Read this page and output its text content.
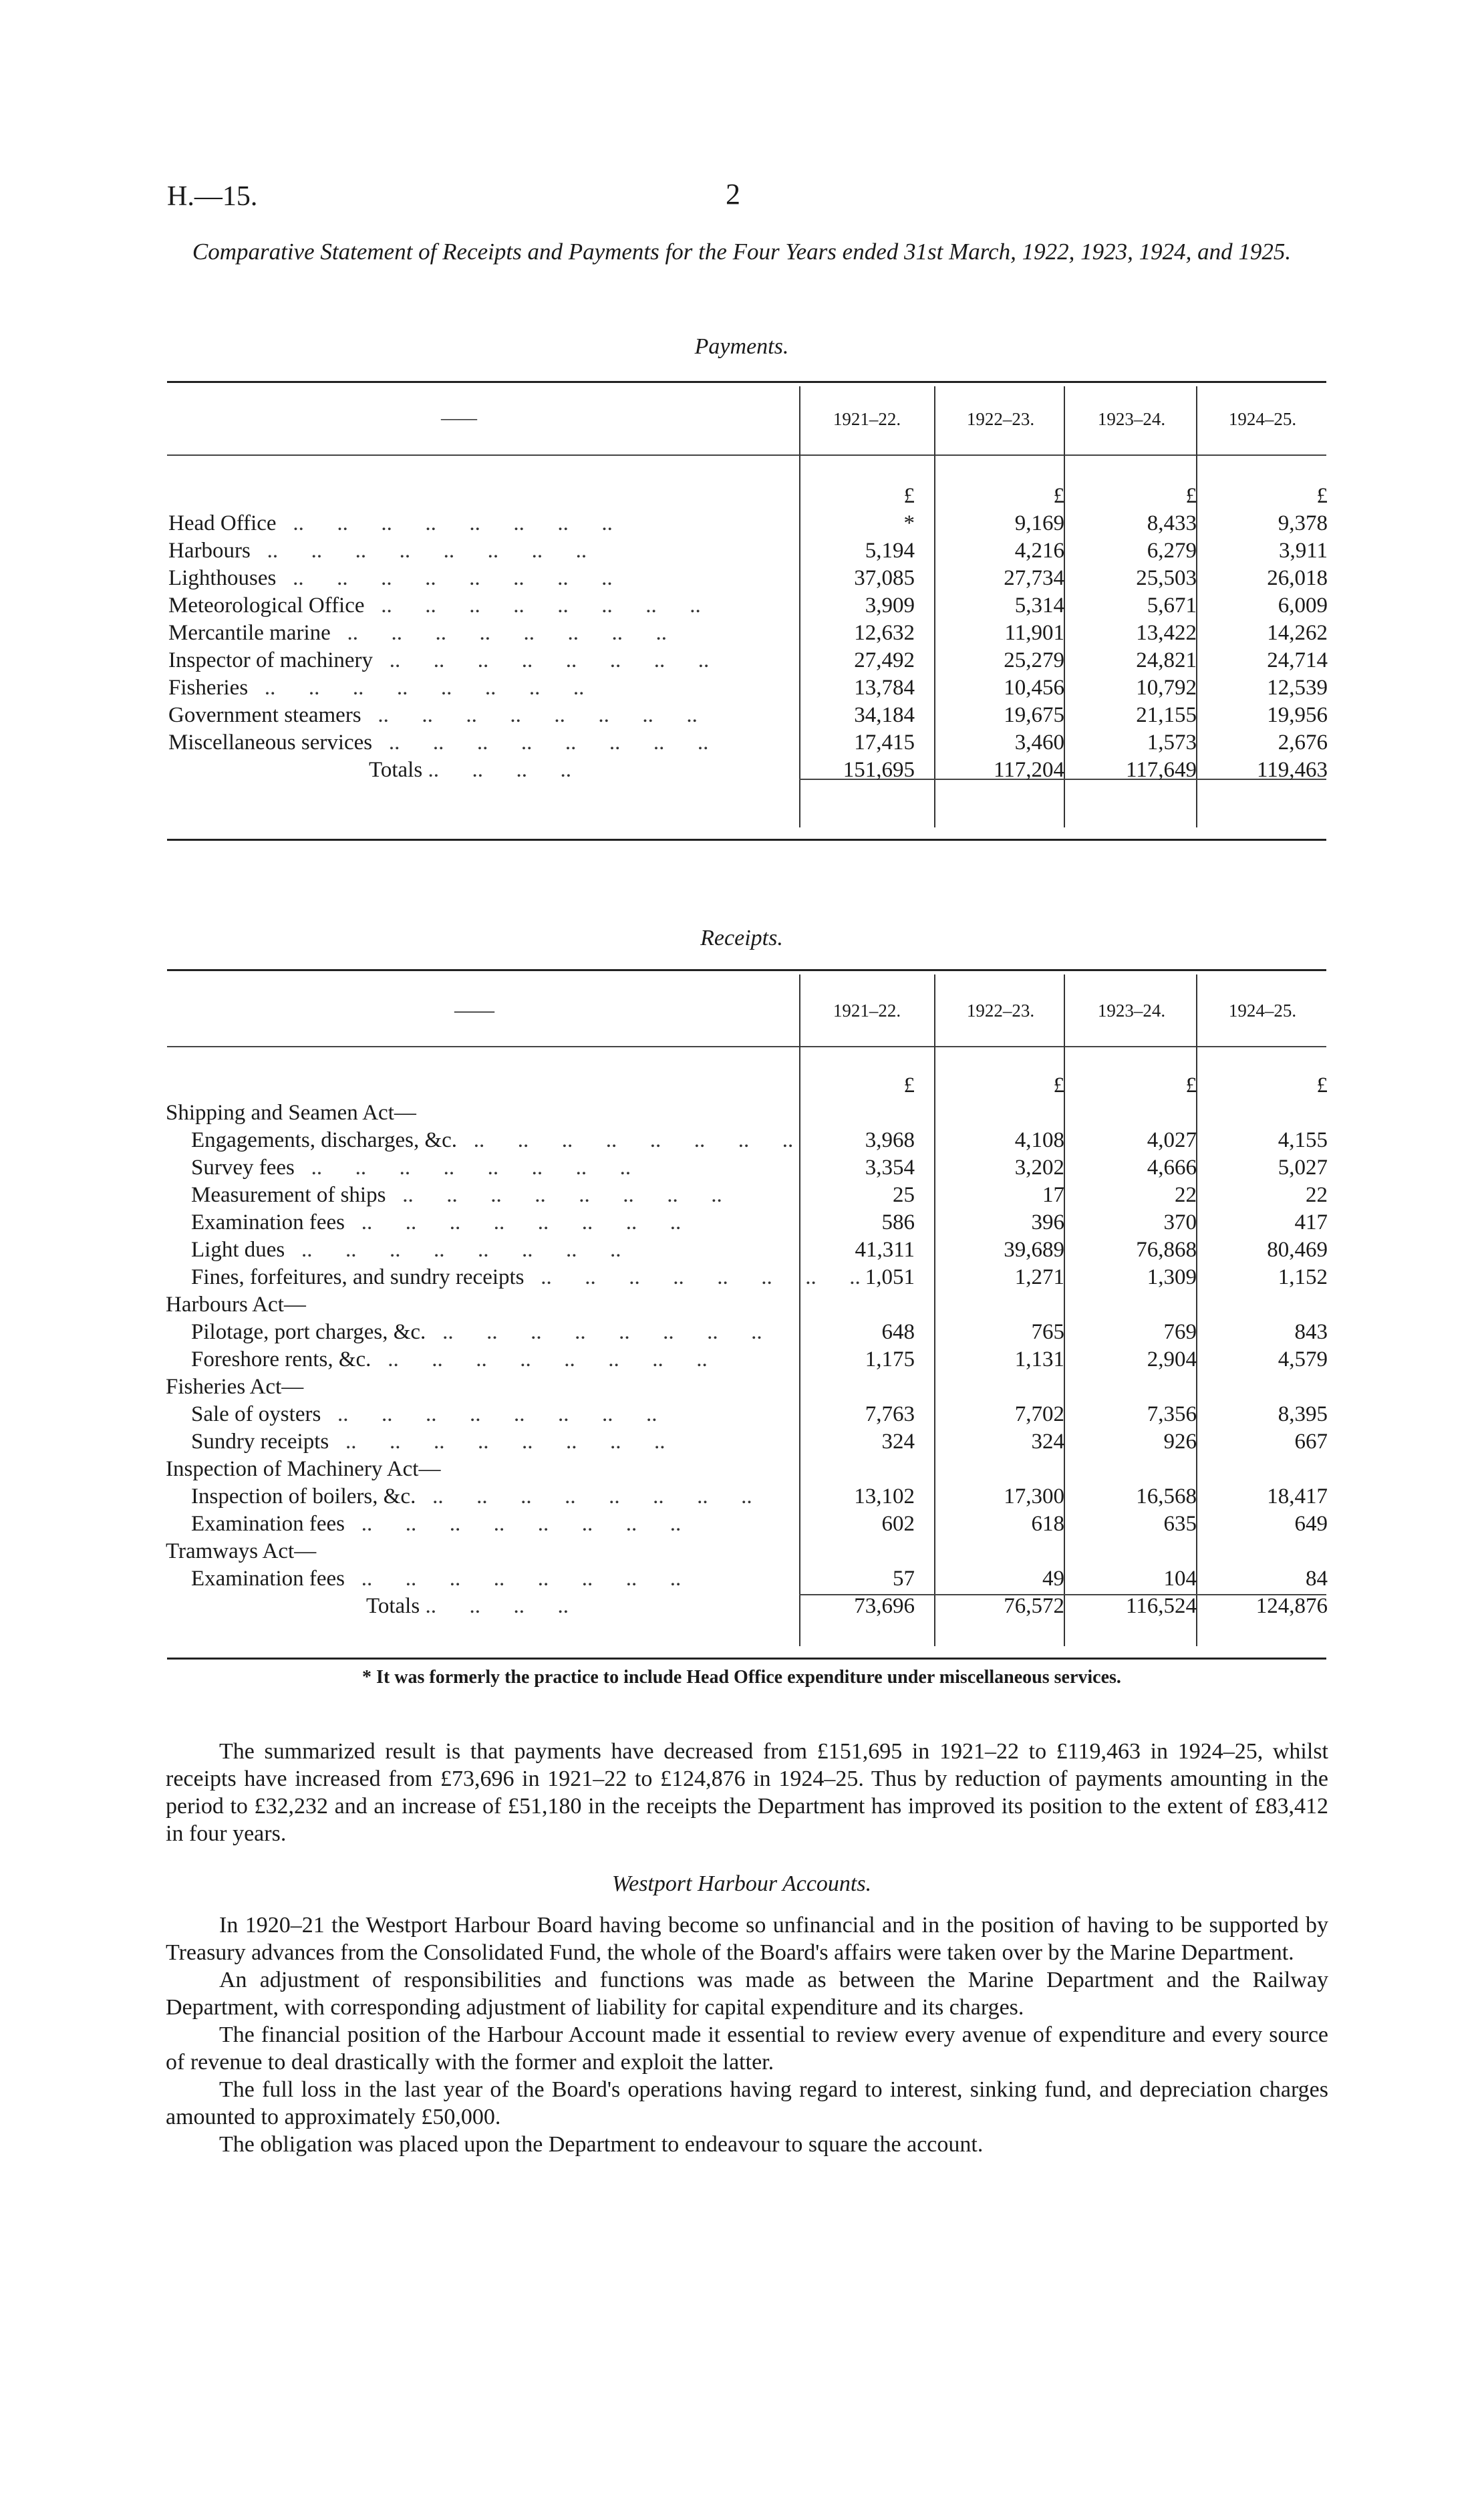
H.—15.	2
Comparative Statement of Receipts and Payments for the Four Years ended 31st March, 1922, 1923, 1924, and 1925.
Payments.
——	1921–22.	1922–23.	1923–24.	1924–25.
	£	£	£	£
Head Office   ..      ..      ..      ..      ..      ..      ..      ..	*	9,169	8,433	9,378
Harbours   ..      ..      ..      ..      ..      ..      ..      ..	5,194	4,216	6,279	3,911
Lighthouses   ..      ..      ..      ..      ..      ..      ..      ..	37,085	27,734	25,503	26,018
Meteorological Office   ..      ..      ..      ..      ..      ..      ..      ..	3,909	5,314	5,671	6,009
Mercantile marine   ..      ..      ..      ..      ..      ..      ..      ..	12,632	11,901	13,422	14,262
Inspector of machinery   ..      ..      ..      ..      ..      ..      ..      ..	27,492	25,279	24,821	24,714
Fisheries   ..      ..      ..      ..      ..      ..      ..      ..	13,784	10,456	10,792	12,539
Government steamers   ..      ..      ..      ..      ..      ..      ..      ..	34,184	19,675	21,155	19,956
Miscellaneous services   ..      ..      ..      ..      ..      ..      ..      ..	17,415	3,460	1,573	2,676
Totals ..      ..      ..      ..	151,695	117,204	117,649	119,463
Receipts.
——	1921–22.	1922–23.	1923–24.	1924–25.
	£	£	£	£
Shipping and Seamen Act—				
Engagements, discharges, &c.   ..      ..      ..      ..      ..      ..      ..      ..	3,968	4,108	4,027	4,155
Survey fees   ..      ..      ..      ..      ..      ..      ..      ..	3,354	3,202	4,666	5,027
Measurement of ships   ..      ..      ..      ..      ..      ..      ..      ..	25	17	22	22
Examination fees   ..      ..      ..      ..      ..      ..      ..      ..	586	396	370	417
Light dues   ..      ..      ..      ..      ..      ..      ..      ..	41,311	39,689	76,868	80,469
Fines, forfeitures, and sundry receipts   ..      ..      ..      ..      ..      ..      ..      ..	1,051	1,271	1,309	1,152
Harbours Act—				
Pilotage, port charges, &c.   ..      ..      ..      ..      ..      ..      ..      ..	648	765	769	843
Foreshore rents, &c.   ..      ..      ..      ..      ..      ..      ..      ..	1,175	1,131	2,904	4,579
Fisheries Act—				
Sale of oysters   ..      ..      ..      ..      ..      ..      ..      ..	7,763	7,702	7,356	8,395
Sundry receipts   ..      ..      ..      ..      ..      ..      ..      ..	324	324	926	667
Inspection of Machinery Act—				
Inspection of boilers, &c.   ..      ..      ..      ..      ..      ..      ..      ..	13,102	17,300	16,568	18,417
Examination fees   ..      ..      ..      ..      ..      ..      ..      ..	602	618	635	649
Tramways Act—				
Examination fees   ..      ..      ..      ..      ..      ..      ..      ..	57	49	104	84
Totals ..      ..      ..      ..	73,696	76,572	116,524	124,876
* It was formerly the practice to include Head Office expenditure under miscellaneous services.

The summarized result is that payments have decreased from £151,695 in 1921–22 to £119,463 in 1924–25, whilst receipts have increased from £73,696 in 1921–22 to £124,876 in 1924–25. Thus by reduction of payments amounting in the period to £32,232 and an increase of £51,180 in the receipts the Department has improved its position to the extent of £83,412 in four years.

Westport Harbour Accounts.

In 1920–21 the Westport Harbour Board having become so unfinancial and in the position of having to be supported by Treasury advances from the Consolidated Fund, the whole of the Board's affairs were taken over by the Marine Department.

An adjustment of responsibilities and functions was made as between the Marine Department and the Railway Department, with corresponding adjustment of liability for capital expenditure and its charges.

The financial position of the Harbour Account made it essential to review every avenue of expenditure and every source of revenue to deal drastically with the former and exploit the latter.

The full loss in the last year of the Board's operations having regard to interest, sinking fund, and depreciation charges amounted to approximately £50,000.

The obligation was placed upon the Department to endeavour to square the account.
